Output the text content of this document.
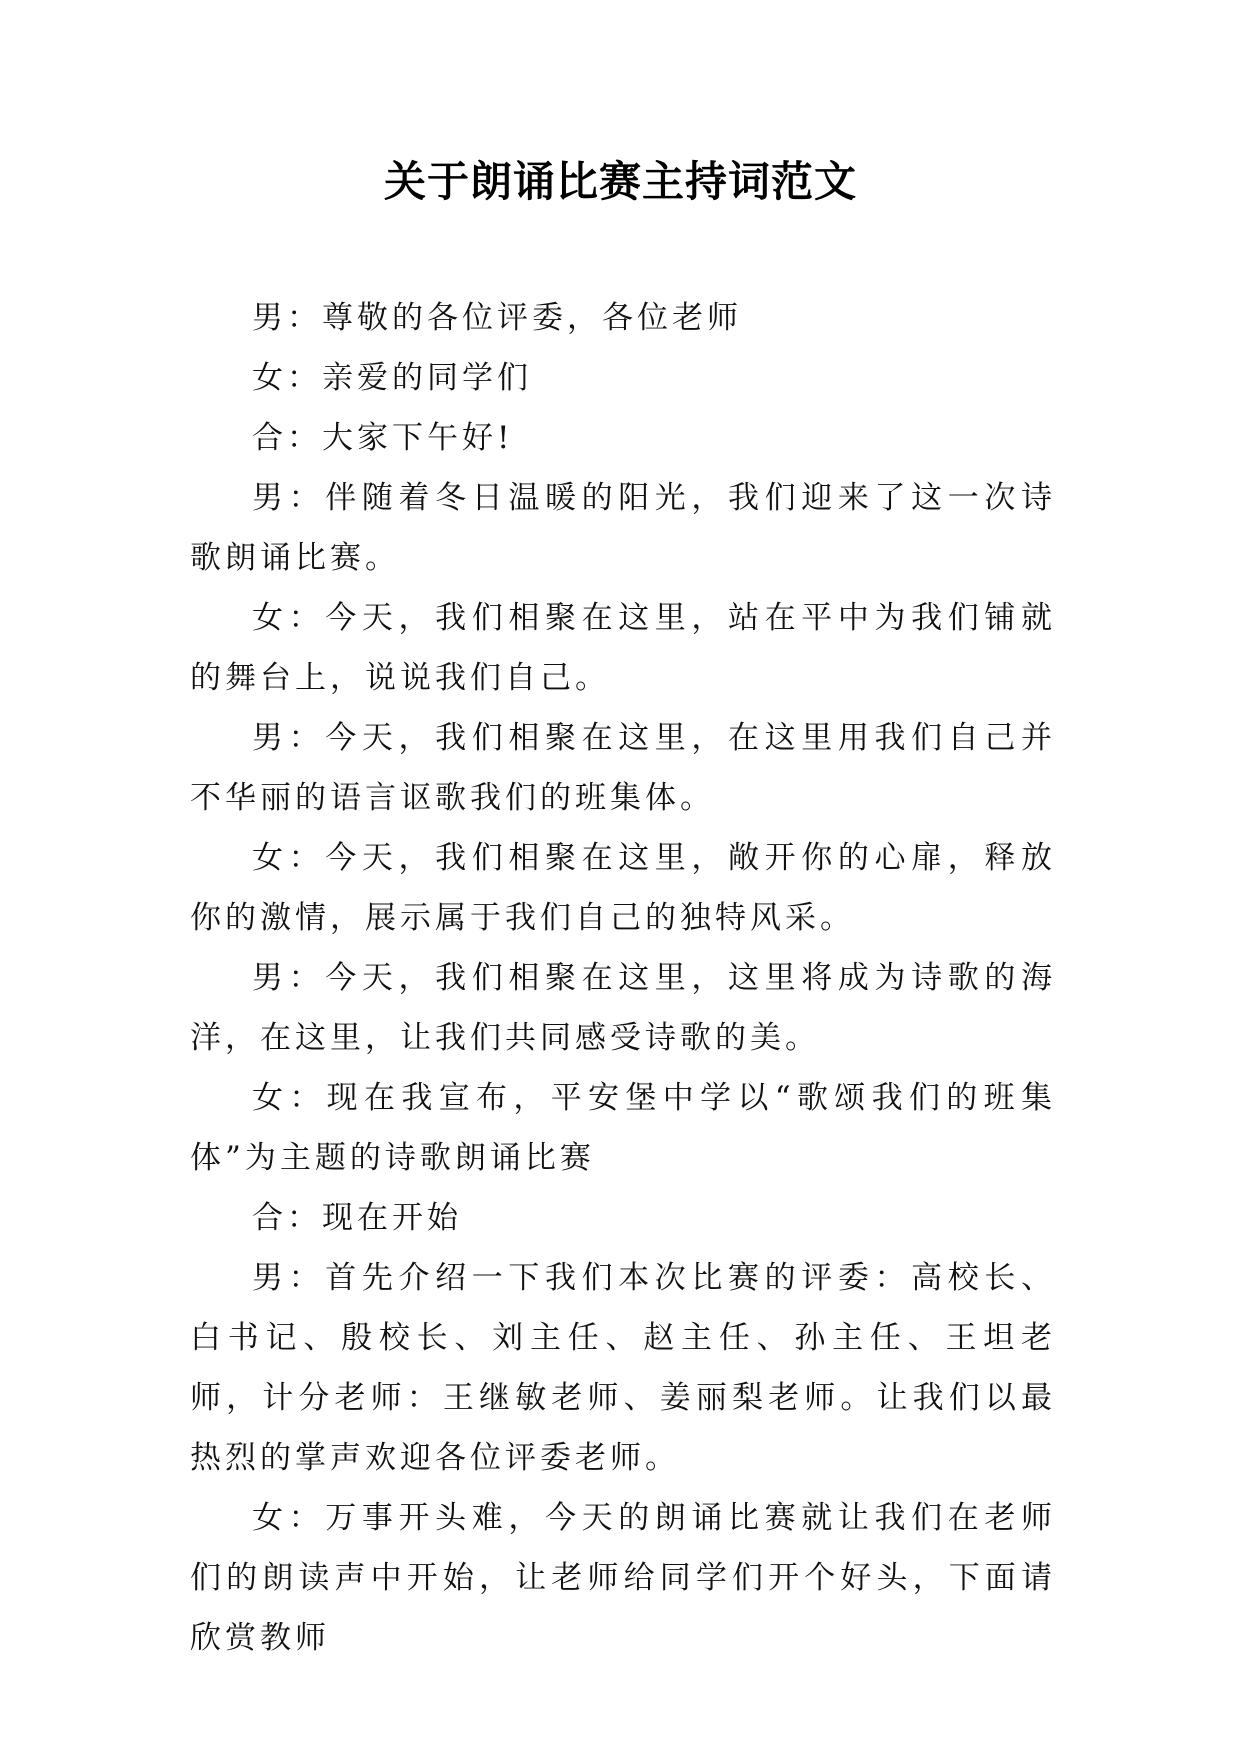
关于朗诵比赛主持词范文

男：尊敬的各位评委，各位老师

女：亲爱的同学们

合：大家下午好!

男：伴随着冬日温暖的阳光，我们迎来了这一次诗歌朗诵比赛。

女：今天，我们相聚在这里，站在平中为我们铺就的舞台上，说说我们自己。

男：今天，我们相聚在这里，在这里用我们自己并不华丽的语言讴歌我们的班集体。

女：今天，我们相聚在这里，敞开你的心扉，释放你的激情，展示属于我们自己的独特风采。

男：今天，我们相聚在这里，这里将成为诗歌的海洋，在这里，让我们共同感受诗歌的美。

女：现在我宣布，平安堡中学以“歌颂我们的班集体”为主题的诗歌朗诵比赛

合：现在开始

男：首先介绍一下我们本次比赛的评委：高校长、白书记、殷校长、刘主任、赵主任、孙主任、王坦老师，计分老师：王继敏老师、姜丽梨老师。让我们以最热烈的掌声欢迎各位评委老师。

女：万事开头难，今天的朗诵比赛就让我们在老师们的朗读声中开始，让老师给同学们开个好头，下面请欣赏教师
